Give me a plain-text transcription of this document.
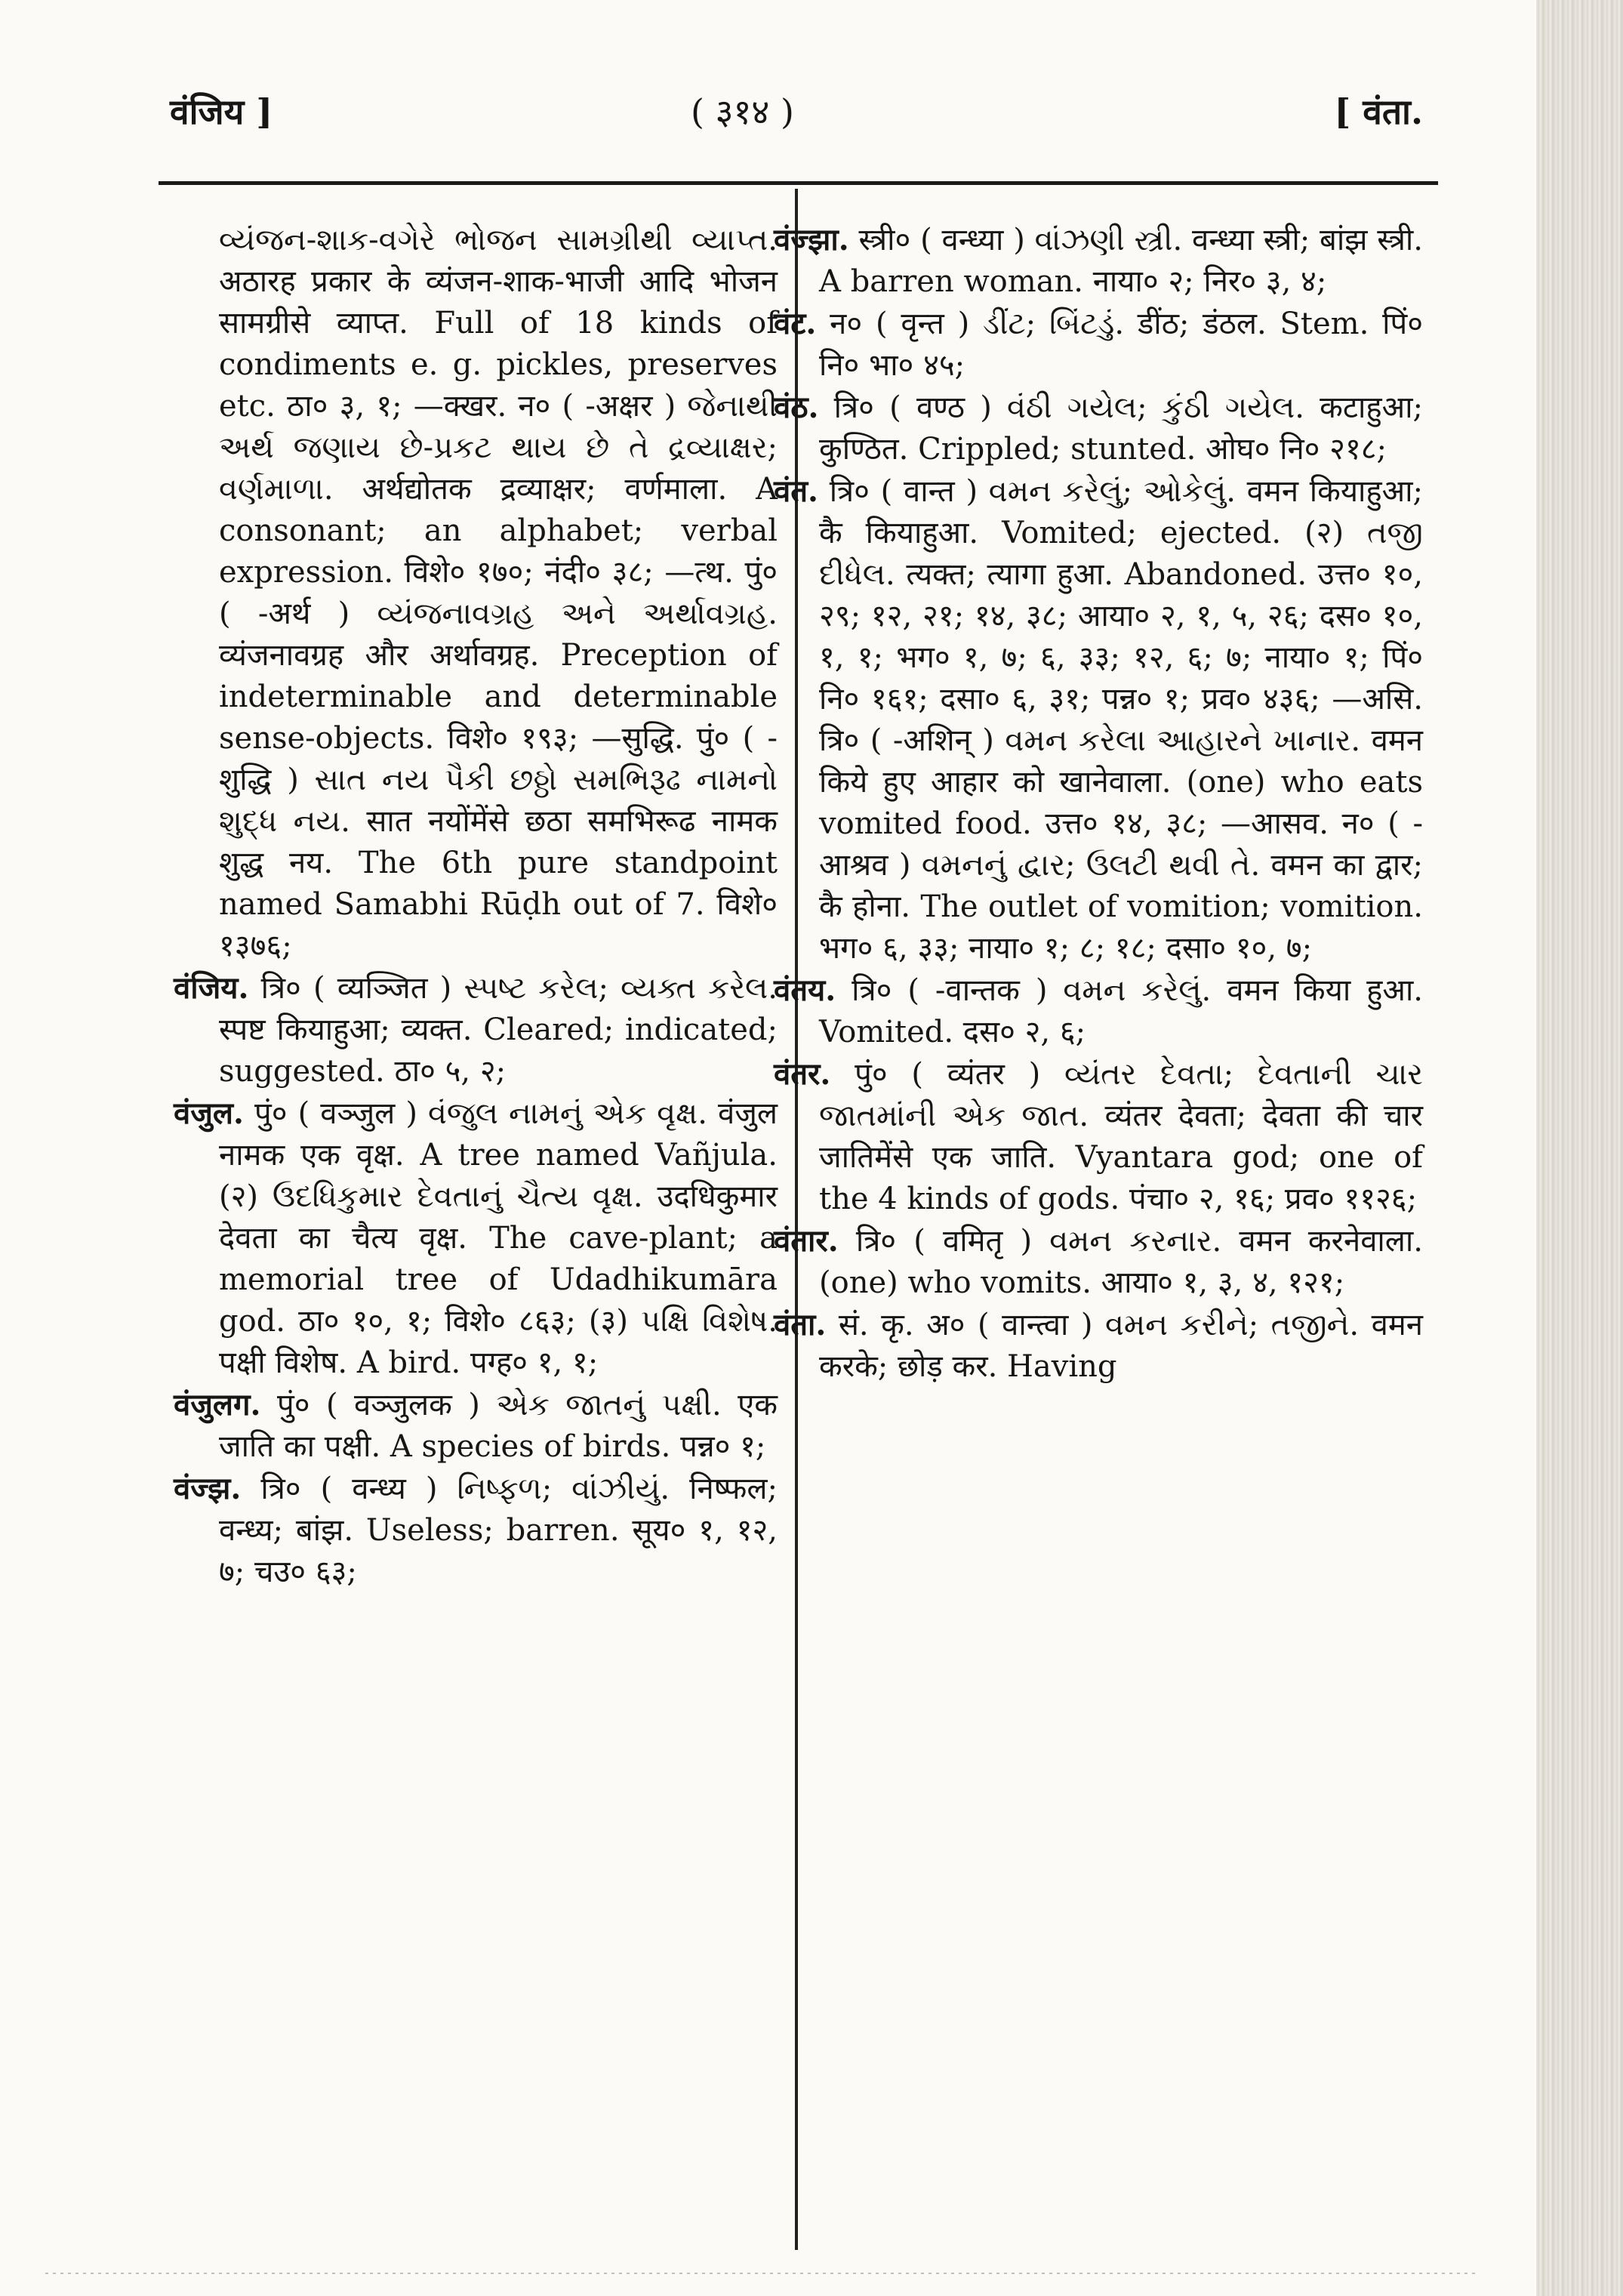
वंजिय ]	( ३१४ )	[ वंता.

વ્યંજન-શાક-વગેરે ભોજન સામગ્રીથી વ્યાપ્ત. अठारह प्रकार के व्यंजन-शाक-भाजी आदि भोजन सामग्रीसे व्याप्त. Full of 18 kinds of condiments e. g. pickles, preserves etc. ठा० ३, १; —क्खर. न० ( -अक्षर ) જેનાથી અર્થ જણાય છે-પ્રકટ થાય છે તે દ્રવ્યાક્ષર; વર્ણમાળા. अर्थद्योतक द्रव्याक्षर; वर्णमाला. A consonant; an alphabet; verbal expression. विशे० १७०; नंदी० ३८; —त्थ. पुं० ( -अर्थ ) વ્યંજનાવગ્રહ અને અર્થાવગ્રહ. व्यंजनावग्रह और अर्थावग्रह. Preception of indeterminable and determinable sense-objects. विशे० १९३; —सुद्धि. पुं० ( -शुद्धि ) સાત નય પૈકી છઠ્ઠો સમભિરૂઢ નામનો શુદ્ધ નય. सात नयोंमेंसे छठा समभिरूढ नामक शुद्ध नय. The 6th pure standpoint named Samabhi Rūḍh out of 7. विशे० १३७६;

वंजिय. त्रि० ( व्यञ्जित ) સ્પષ્ટ કરેલ; વ્યક્ત કરેલ. स्पष्ट कियाहुआ; व्यक्त. Cleared; indicated; suggested. ठा० ५, २;

वंजुल. पुं० ( वञ्जुल ) વંજુલ નામનું એક વૃક્ષ. वंजुल नामक एक वृक्ष. A tree named Vañjula. (२) ઉદધિકુમાર દેવતાનું ચૈત્ય વૃક્ષ. उदधिकुमार देवता का चैत्य वृक्ष. The cave-plant; a memorial tree of Udadhikumāra god. ठा० १०, १; विशे० ८६३; (३) પક્ષિ વિશેષ. पक्षी विशेष. A bird. पग्ह० १, १;

वंजुलग. पुं० ( वञ्जुलक ) એક જાતનું પક્ષી. एक जाति का पक्षी. A species of birds. पन्न० १;

वंज्झ. त्रि० ( वन्ध्य ) નિષ્ફળ; વાંઝીયું. निष्फल; वन्ध्य; बांझ. Useless; barren. सूय० १, १२, ७; चउ० ६३;

वंज्झा. स्त्री० ( वन्ध्या ) વાંઝણી સ્ત્રી. वन्ध्या स्त्री; बांझ स्त्री. A barren woman. नाया० २; निर० ३, ४;

वंट. न० ( वृन्त ) ડીંટ; બિંટડું. डींठ; डंठल. Stem. पिं० नि० भा० ४५;

वंठ. त्रि० ( वण्ठ ) વંઠી ગયેલ; કુંઠી ગયેલ. कटाहुआ; कुण्ठित. Crippled; stunted. ओघ० नि० २१८;

वंत. त्रि० ( वान्त ) વમન કરેલું; ઓકેલું. वमन कियाहुआ; कै कियाहुआ. Vomited; ejected. (२) તજી દીધેલ. त्यक्त; त्यागा हुआ. Abandoned. उत्त० १०, २९; १२, २१; १४, ३८; आया० २, १, ५, २६; दस० १०, १, १; भग० १, ७; ६, ३३; १२, ६; ७; नाया० १; पिं० नि० १६१; दसा० ६, ३१; पन्न० १; प्रव० ४३६; —असि. त्रि० ( -अशिन् ) વમન કરેલા આહારને ખાનાર. वमन किये हुए आहार को खानेवाला. (one) who eats vomited food. उत्त० १४, ३८; —आसव. न० ( -आश्रव ) વમનનું દ્વાર; ઉલટી થવી તે. वमन का द्वार; कै होना. The outlet of vomition; vomition. भग० ६, ३३; नाया० १; ८; १८; दसा० १०, ७;

वंतय. त्रि० ( -वान्तक ) વમન કરેલું. वमन किया हुआ. Vomited. दस० २, ६;

वंतर. पुं० ( व्यंतर ) વ્યંતર દેવતા; દેવતાની ચાર જાતમાંની એક જાત. व्यंतर देवता; देवता की चार जातिमेंसे एक जाति. Vyantara god; one of the 4 kinds of gods. पंचा० २, १६; प्रव० ११२६;

वंतार. त्रि० ( वमितृ ) વમન કરનાર. वमन करनेवाला. (one) who vomits. आया० १, ३, ४, १२१;

वंता. सं. कृ. अ० ( वान्त्वा ) વમન કરીને; તજીને. वमन करके; छोड़ कर. Having
